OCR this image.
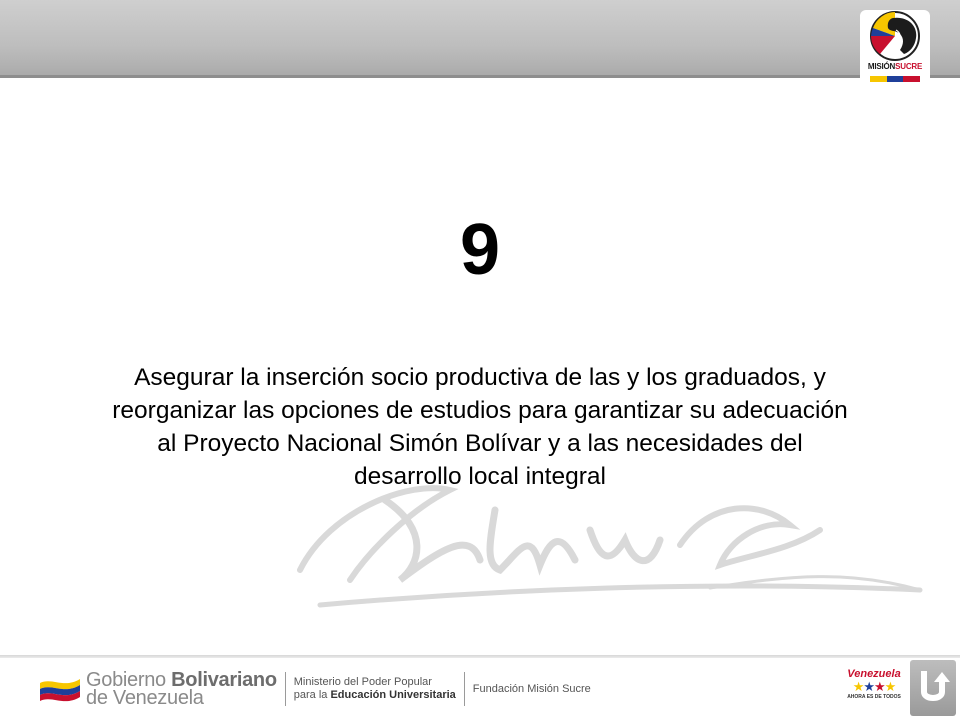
MISIÓNSUCRE
9
Asegurar la inserción socio productiva de las y los graduados, y reorganizar las opciones de estudios para garantizar su adecuación al Proyecto Nacional Simón Bolívar y a las necesidades del desarrollo local integral
Gobierno Bolivariano
de Venezuela
Ministerio del Poder Popular
para la Educación Universitaria Fundación Misión Sucre
Venezuela
★★★★
AHORA ES DE TODOS
